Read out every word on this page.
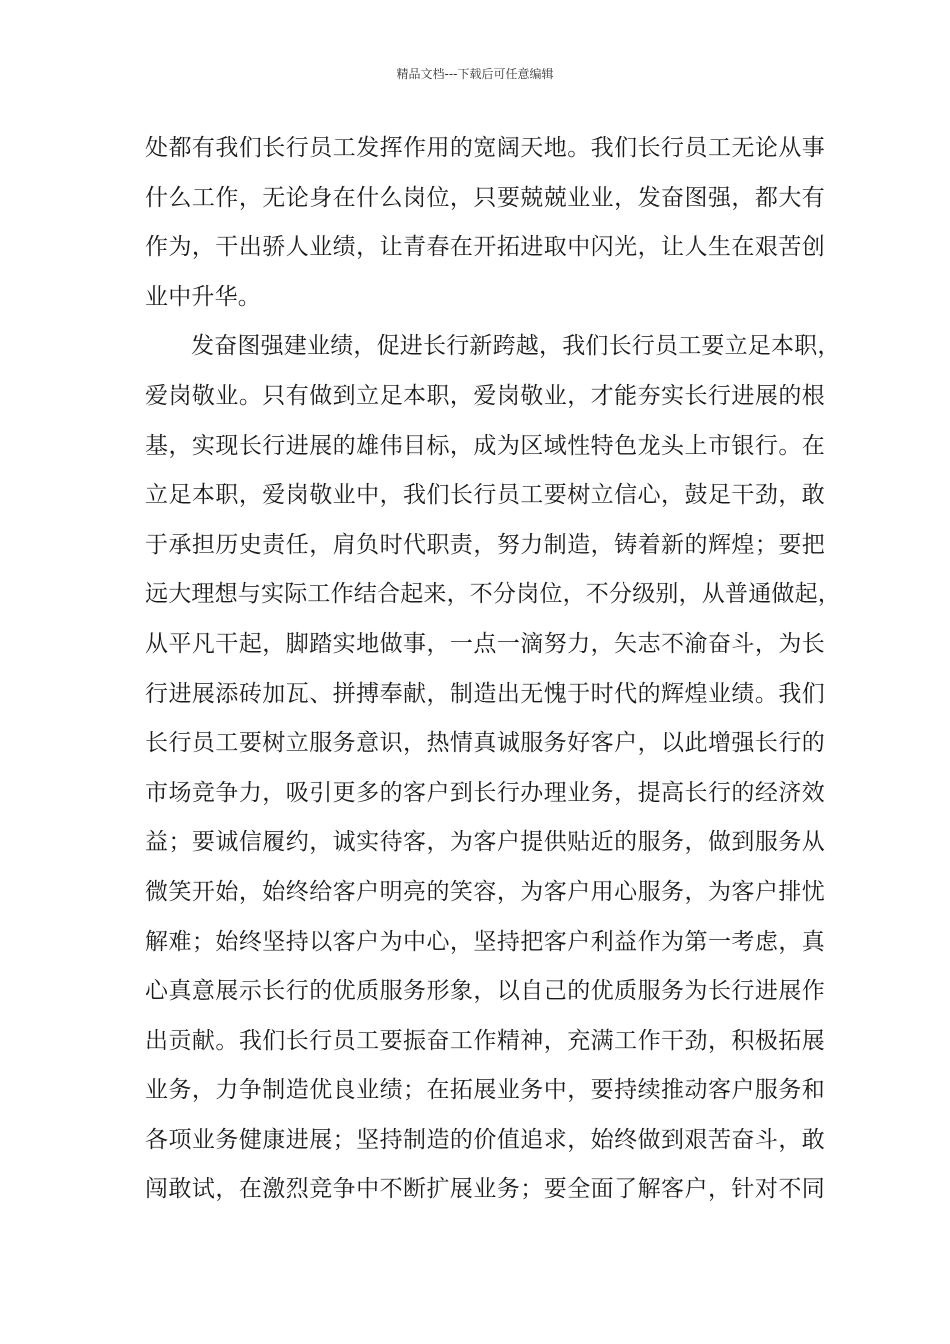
精品文档---下载后可任意编辑
处都有我们长行员工发挥作用的宽阔天地。我们长行员工无论从事
什么工作，无论身在什么岗位，只要兢兢业业，发奋图强，都大有
作为，干出骄人业绩，让青春在开拓进取中闪光，让人生在艰苦创
业中升华。
发奋图强建业绩，促进长行新跨越，我们长行员工要立足本职，
爱岗敬业。只有做到立足本职，爱岗敬业，才能夯实长行进展的根
基，实现长行进展的雄伟目标，成为区域性特色龙头上市银行。在
立足本职，爱岗敬业中，我们长行员工要树立信心，鼓足干劲，敢
于承担历史责任，肩负时代职责，努力制造，铸着新的辉煌；要把
远大理想与实际工作结合起来，不分岗位，不分级别，从普通做起，
从平凡干起，脚踏实地做事，一点一滴努力，矢志不渝奋斗，为长
行进展添砖加瓦、拼搏奉献，制造出无愧于时代的辉煌业绩。我们
长行员工要树立服务意识，热情真诚服务好客户，以此增强长行的
市场竞争力，吸引更多的客户到长行办理业务，提高长行的经济效
益；要诚信履约，诚实待客，为客户提供贴近的服务，做到服务从
微笑开始，始终给客户明亮的笑容，为客户用心服务，为客户排忧
解难；始终坚持以客户为中心，坚持把客户利益作为第一考虑，真
心真意展示长行的优质服务形象，以自己的优质服务为长行进展作
出贡献。我们长行员工要振奋工作精神，充满工作干劲，积极拓展
业务，力争制造优良业绩；在拓展业务中，要持续推动客户服务和
各项业务健康进展；坚持制造的价值追求，始终做到艰苦奋斗，敢
闯敢试，在激烈竞争中不断扩展业务；要全面了解客户，针对不同
